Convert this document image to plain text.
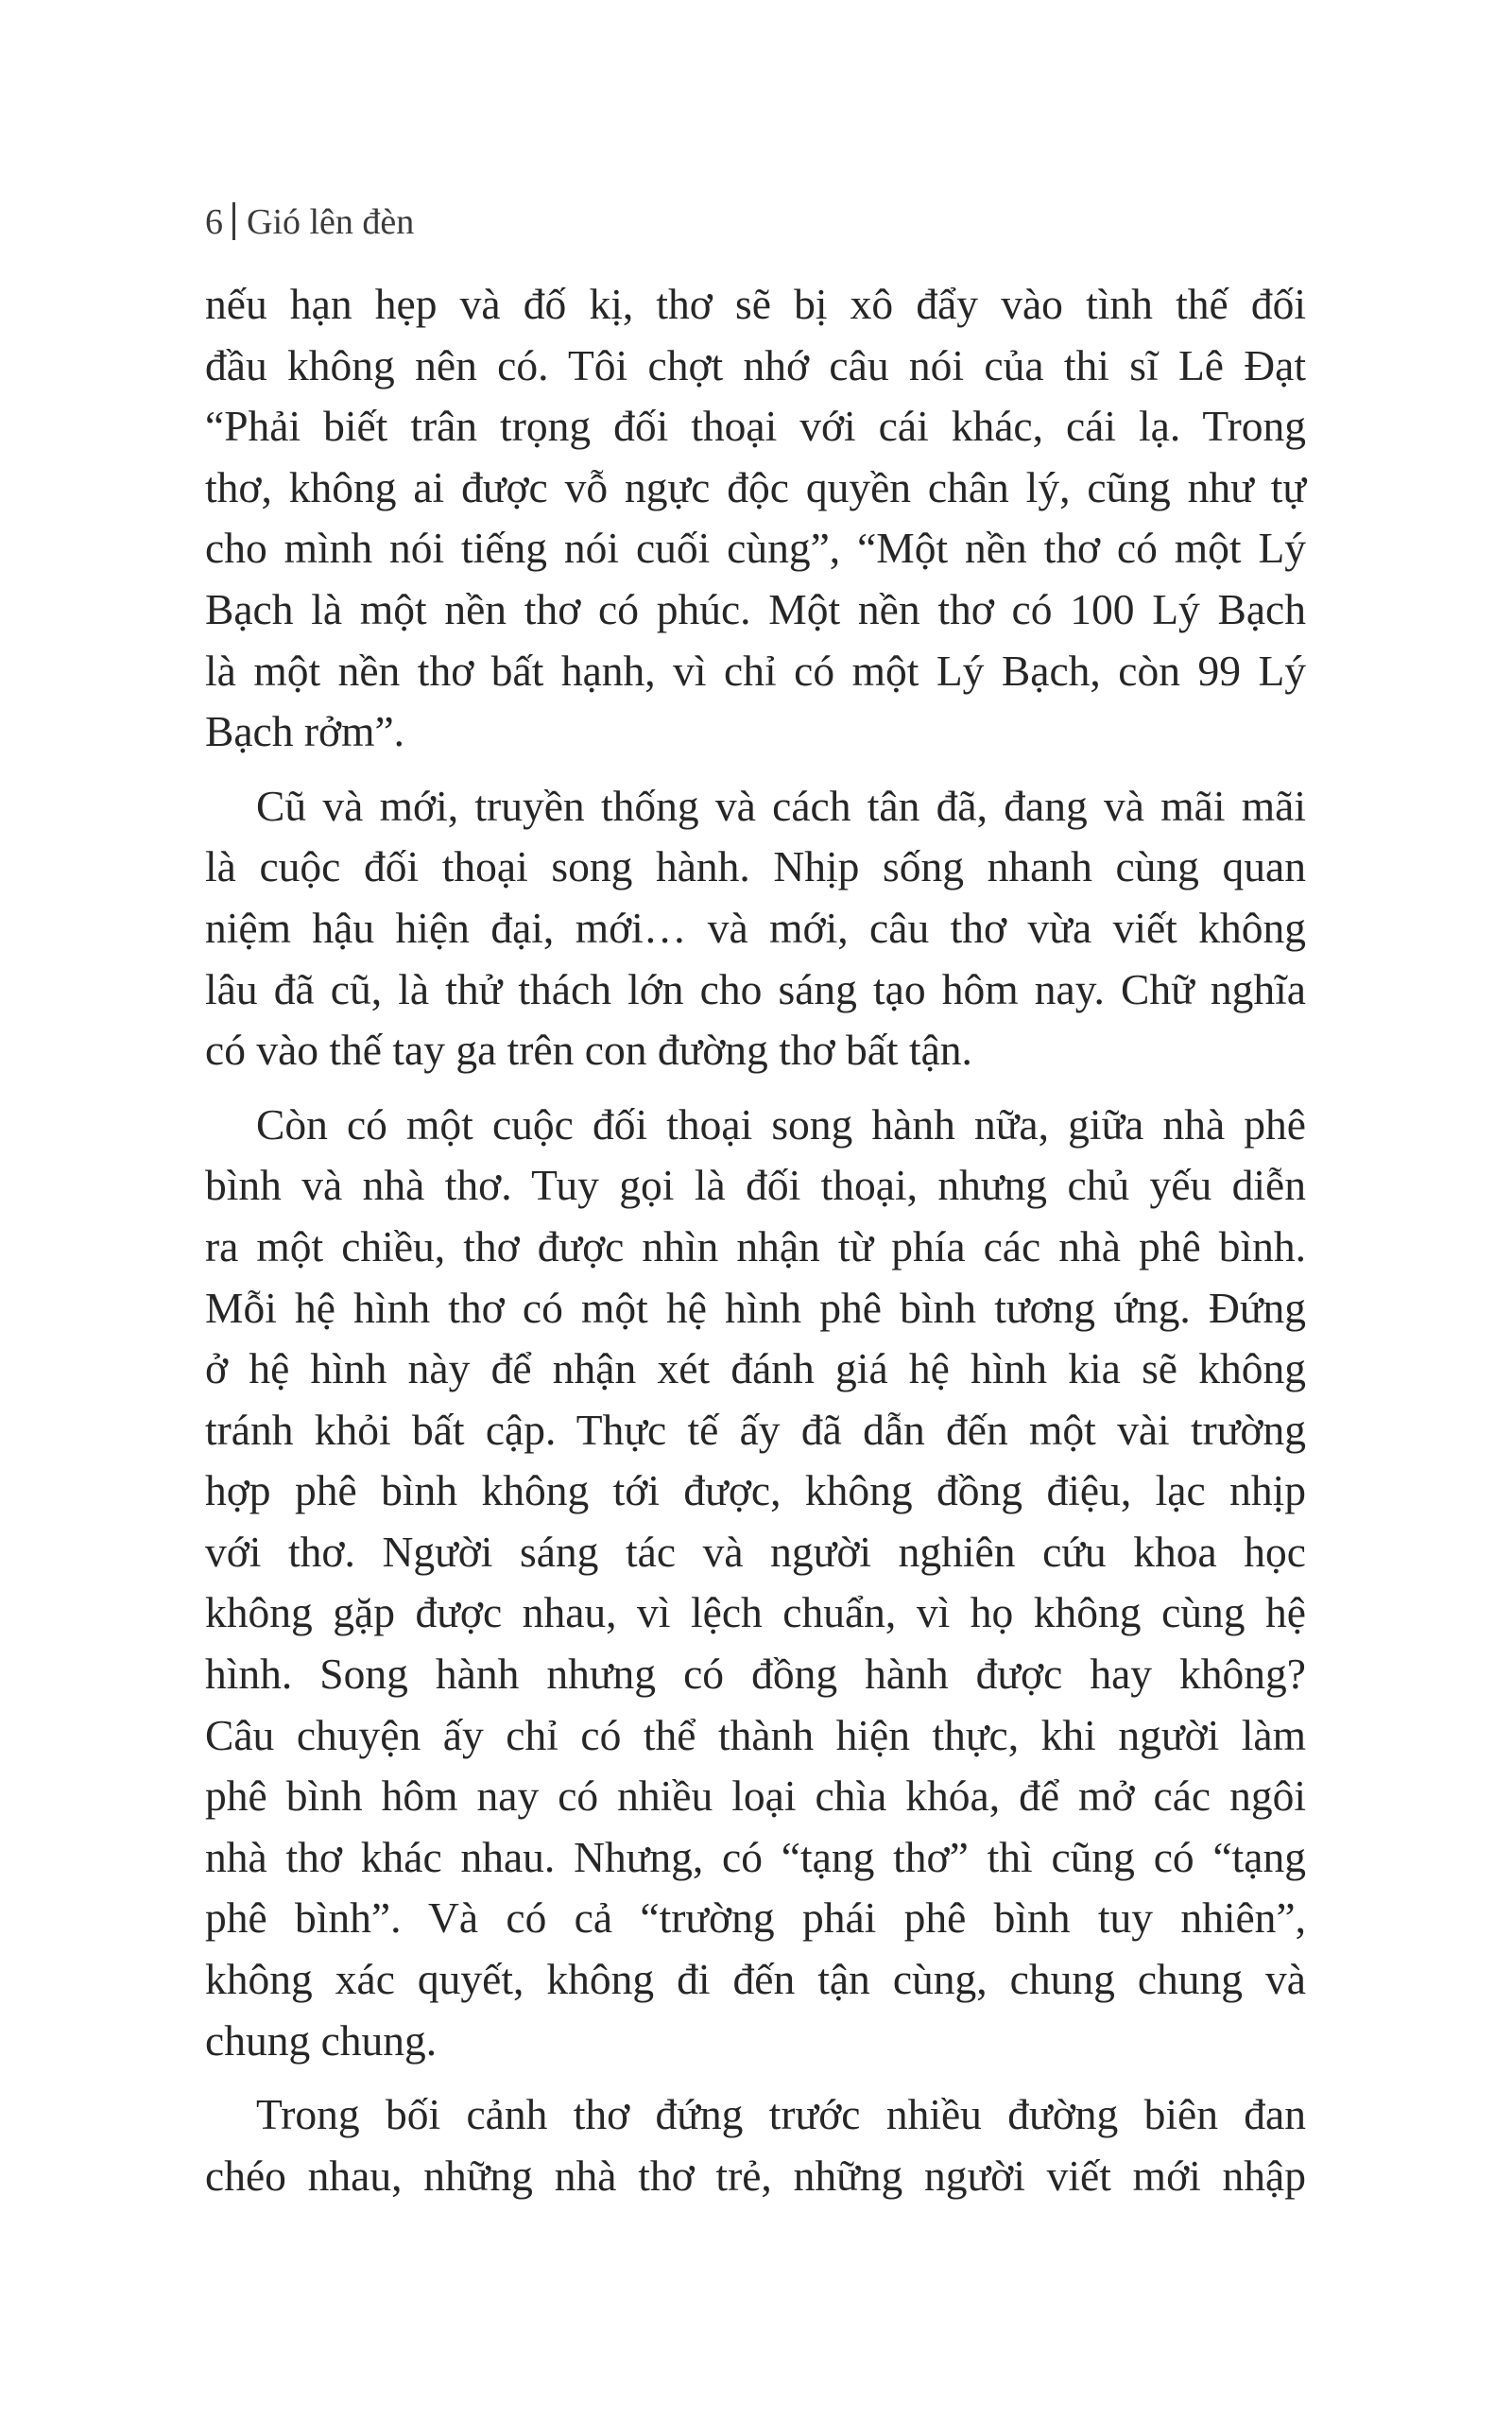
6 Gió lên đèn

nếu hạn hẹp và đố kị, thơ sẽ bị xô đẩy vào tình thế đối
đầu không nên có. Tôi chợt nhớ câu nói của thi sĩ Lê Đạt
“Phải biết trân trọng đối thoại với cái khác, cái lạ. Trong
thơ, không ai được vỗ ngực độc quyền chân lý, cũng như tự
cho mình nói tiếng nói cuối cùng”, “Một nền thơ có một Lý
Bạch là một nền thơ có phúc. Một nền thơ có 100 Lý Bạch
là một nền thơ bất hạnh, vì chỉ có một Lý Bạch, còn 99 Lý
Bạch rởm”.

Cũ và mới, truyền thống và cách tân đã, đang và mãi mãi
là cuộc đối thoại song hành. Nhịp sống nhanh cùng quan
niệm hậu hiện đại, mới… và mới, câu thơ vừa viết không
lâu đã cũ, là thử thách lớn cho sáng tạo hôm nay. Chữ nghĩa
có vào thế tay ga trên con đường thơ bất tận.

Còn có một cuộc đối thoại song hành nữa, giữa nhà phê
bình và nhà thơ. Tuy gọi là đối thoại, nhưng chủ yếu diễn
ra một chiều, thơ được nhìn nhận từ phía các nhà phê bình.
Mỗi hệ hình thơ có một hệ hình phê bình tương ứng. Đứng
ở hệ hình này để nhận xét đánh giá hệ hình kia sẽ không
tránh khỏi bất cập. Thực tế ấy đã dẫn đến một vài trường
hợp phê bình không tới được, không đồng điệu, lạc nhịp
với thơ. Người sáng tác và người nghiên cứu khoa học
không gặp được nhau, vì lệch chuẩn, vì họ không cùng hệ
hình. Song hành nhưng có đồng hành được hay không?
Câu chuyện ấy chỉ có thể thành hiện thực, khi người làm
phê bình hôm nay có nhiều loại chìa khóa, để mở các ngôi
nhà thơ khác nhau. Nhưng, có “tạng thơ” thì cũng có “tạng
phê bình”. Và có cả “trường phái phê bình tuy nhiên”,
không xác quyết, không đi đến tận cùng, chung chung và
chung chung.

Trong bối cảnh thơ đứng trước nhiều đường biên đan
chéo nhau, những nhà thơ trẻ, những người viết mới nhập
